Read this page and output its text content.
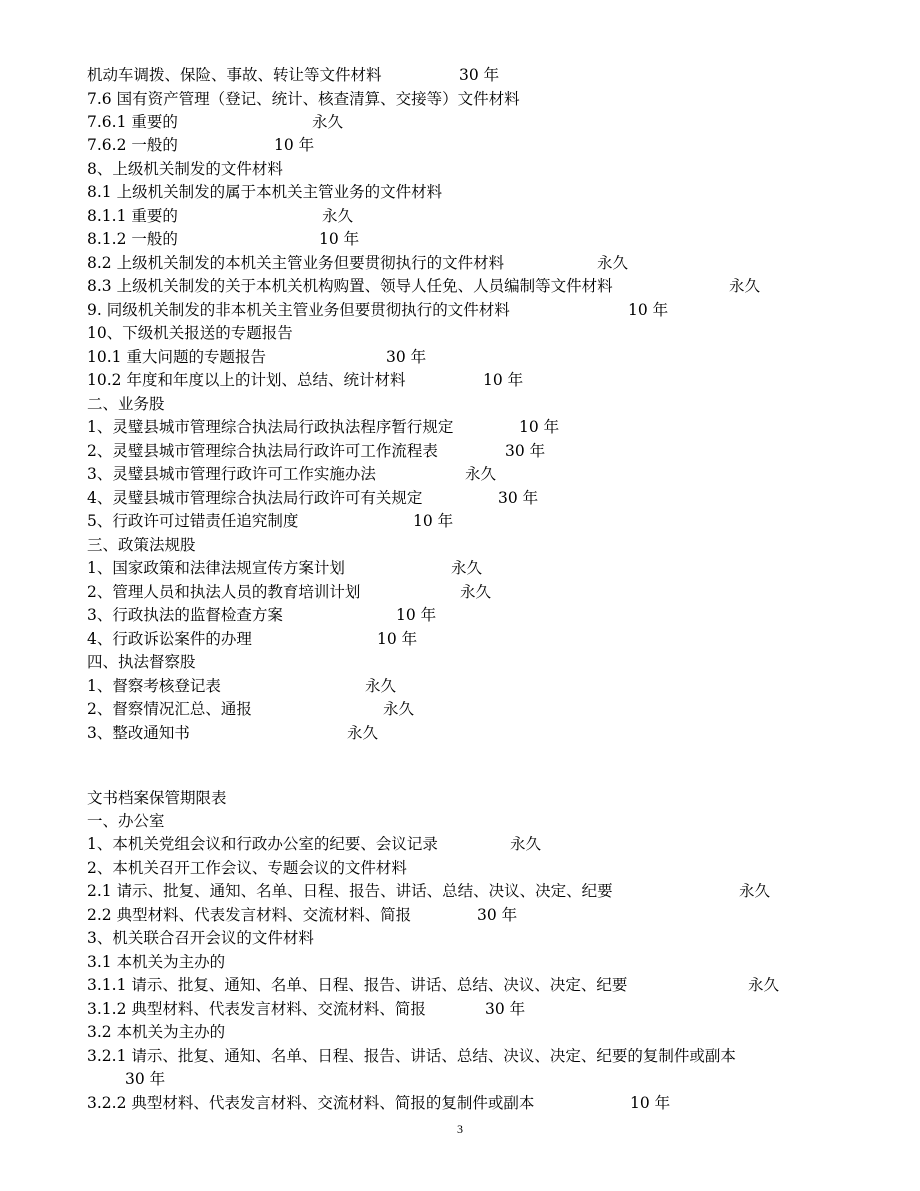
机动车调拨、保险、事故、转让等文件材料	30 年
7.6 国有资产管理（登记、统计、核查清算、交接等）文件材料
7.6.1 重要的	永久
7.6.2 一般的	10 年
8、上级机关制发的文件材料
8.1 上级机关制发的属于本机关主管业务的文件材料
8.1.1 重要的	永久
8.1.2 一般的	10 年
8.2 上级机关制发的本机关主管业务但要贯彻执行的文件材料	永久
8.3 上级机关制发的关于本机关机构购置、领导人任免、人员编制等文件材料	永久
9. 同级机关制发的非本机关主管业务但要贯彻执行的文件材料	10 年
10、下级机关报送的专题报告
10.1 重大问题的专题报告	30 年
10.2 年度和年度以上的计划、总结、统计材料	10 年
二、业务股
1、灵璧县城市管理综合执法局行政执法程序暂行规定	10 年
2、灵璧县城市管理综合执法局行政许可工作流程表	30 年
3、灵璧县城市管理行政许可工作实施办法	永久
4、灵璧县城市管理综合执法局行政许可有关规定	30 年
5、行政许可过错责任追究制度	10 年
三、政策法规股
1、国家政策和法律法规宣传方案计划	永久
2、管理人员和执法人员的教育培训计划	永久
3、行政执法的监督检查方案	10 年
4、行政诉讼案件的办理	10 年
四、执法督察股
1、督察考核登记表	永久
2、督察情况汇总、通报	永久
3、整改通知书	永久
文书档案保管期限表
一、办公室
1、本机关党组会议和行政办公室的纪要、会议记录	永久
2、本机关召开工作会议、专题会议的文件材料
2.1 请示、批复、通知、名单、日程、报告、讲话、总结、决议、决定、纪要	永久
2.2 典型材料、代表发言材料、交流材料、简报	30 年
3、机关联合召开会议的文件材料
3.1 本机关为主办的
3.1.1 请示、批复、通知、名单、日程、报告、讲话、总结、决议、决定、纪要	永久
3.1.2 典型材料、代表发言材料、交流材料、简报	30 年
3.2 本机关为主办的
3.2.1 请示、批复、通知、名单、日程、报告、讲话、总结、决议、决定、纪要的复制件或副本
30 年
3.2.2 典型材料、代表发言材料、交流材料、简报的复制件或副本	10 年
3
